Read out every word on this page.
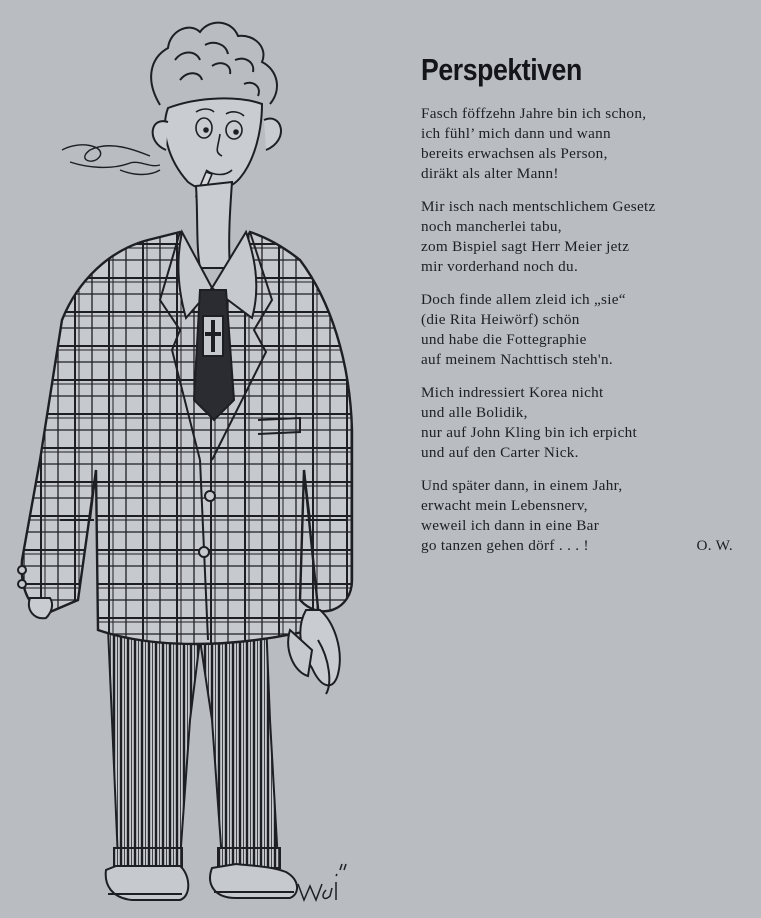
Perspektiven
Fasch föffzehn Jahre bin ich schon,
ich fühl’ mich dann und wann
bereits erwachsen als Person,
diräkt als alter Mann!
Mir isch nach mentschlichem Gesetz
noch mancherlei tabu,
zom Bispiel sagt Herr Meier jetz
mir vorderhand noch du.
Doch finde allem zleid ich „sie“
(die Rita Heiwörf) schön
und habe die Fottegraphie
auf meinem Nachttisch steh'n.
Mich indressiert Korea nicht
und alle Bolidik,
nur auf John Kling bin ich erpicht
und auf den Carter Nick.
Und später dann, in einem Jahr,
erwacht mein Lebensnerv,
weweil ich dann in eine Bar
go tanzen gehen dörf . . . !	O. W.
